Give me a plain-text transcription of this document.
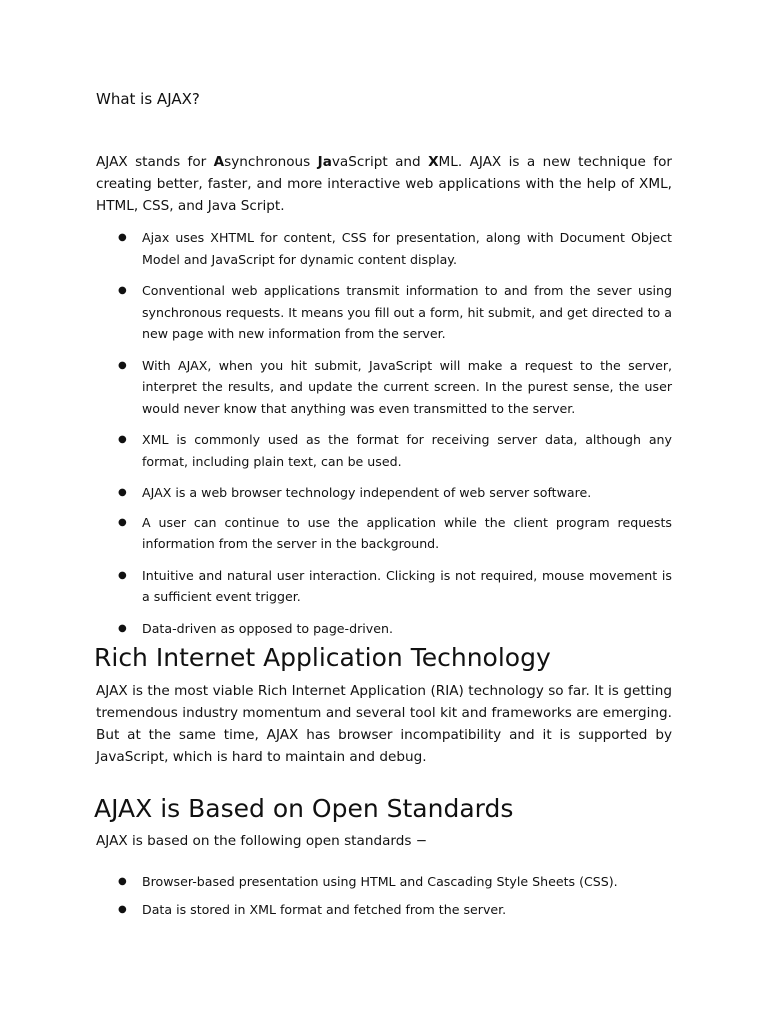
What is AJAX?

AJAX stands for Asynchronous JavaScript and XML. AJAX is a new technique for creating better, faster, and more interactive web applications with the help of XML, HTML, CSS, and Java Script.

● Ajax uses XHTML for content, CSS for presentation, along with Document Object Model and JavaScript for dynamic content display.
● Conventional web applications transmit information to and from the sever using synchronous requests. It means you fill out a form, hit submit, and get directed to a new page with new information from the server.
● With AJAX, when you hit submit, JavaScript will make a request to the server, interpret the results, and update the current screen. In the purest sense, the user would never know that anything was even transmitted to the server.
● XML is commonly used as the format for receiving server data, although any format, including plain text, can be used.
● AJAX is a web browser technology independent of web server software.
● A user can continue to use the application while the client program requests information from the server in the background.
● Intuitive and natural user interaction. Clicking is not required, mouse movement is a sufficient event trigger.
● Data-driven as opposed to page-driven.
Rich Internet Application Technology

AJAX is the most viable Rich Internet Application (RIA) technology so far. It is getting tremendous industry momentum and several tool kit and frameworks are emerging. But at the same time, AJAX has browser incompatibility and it is supported by JavaScript, which is hard to maintain and debug.

AJAX is Based on Open Standards

AJAX is based on the following open standards −

● Browser-based presentation using HTML and Cascading Style Sheets (CSS).
● Data is stored in XML format and fetched from the server.
